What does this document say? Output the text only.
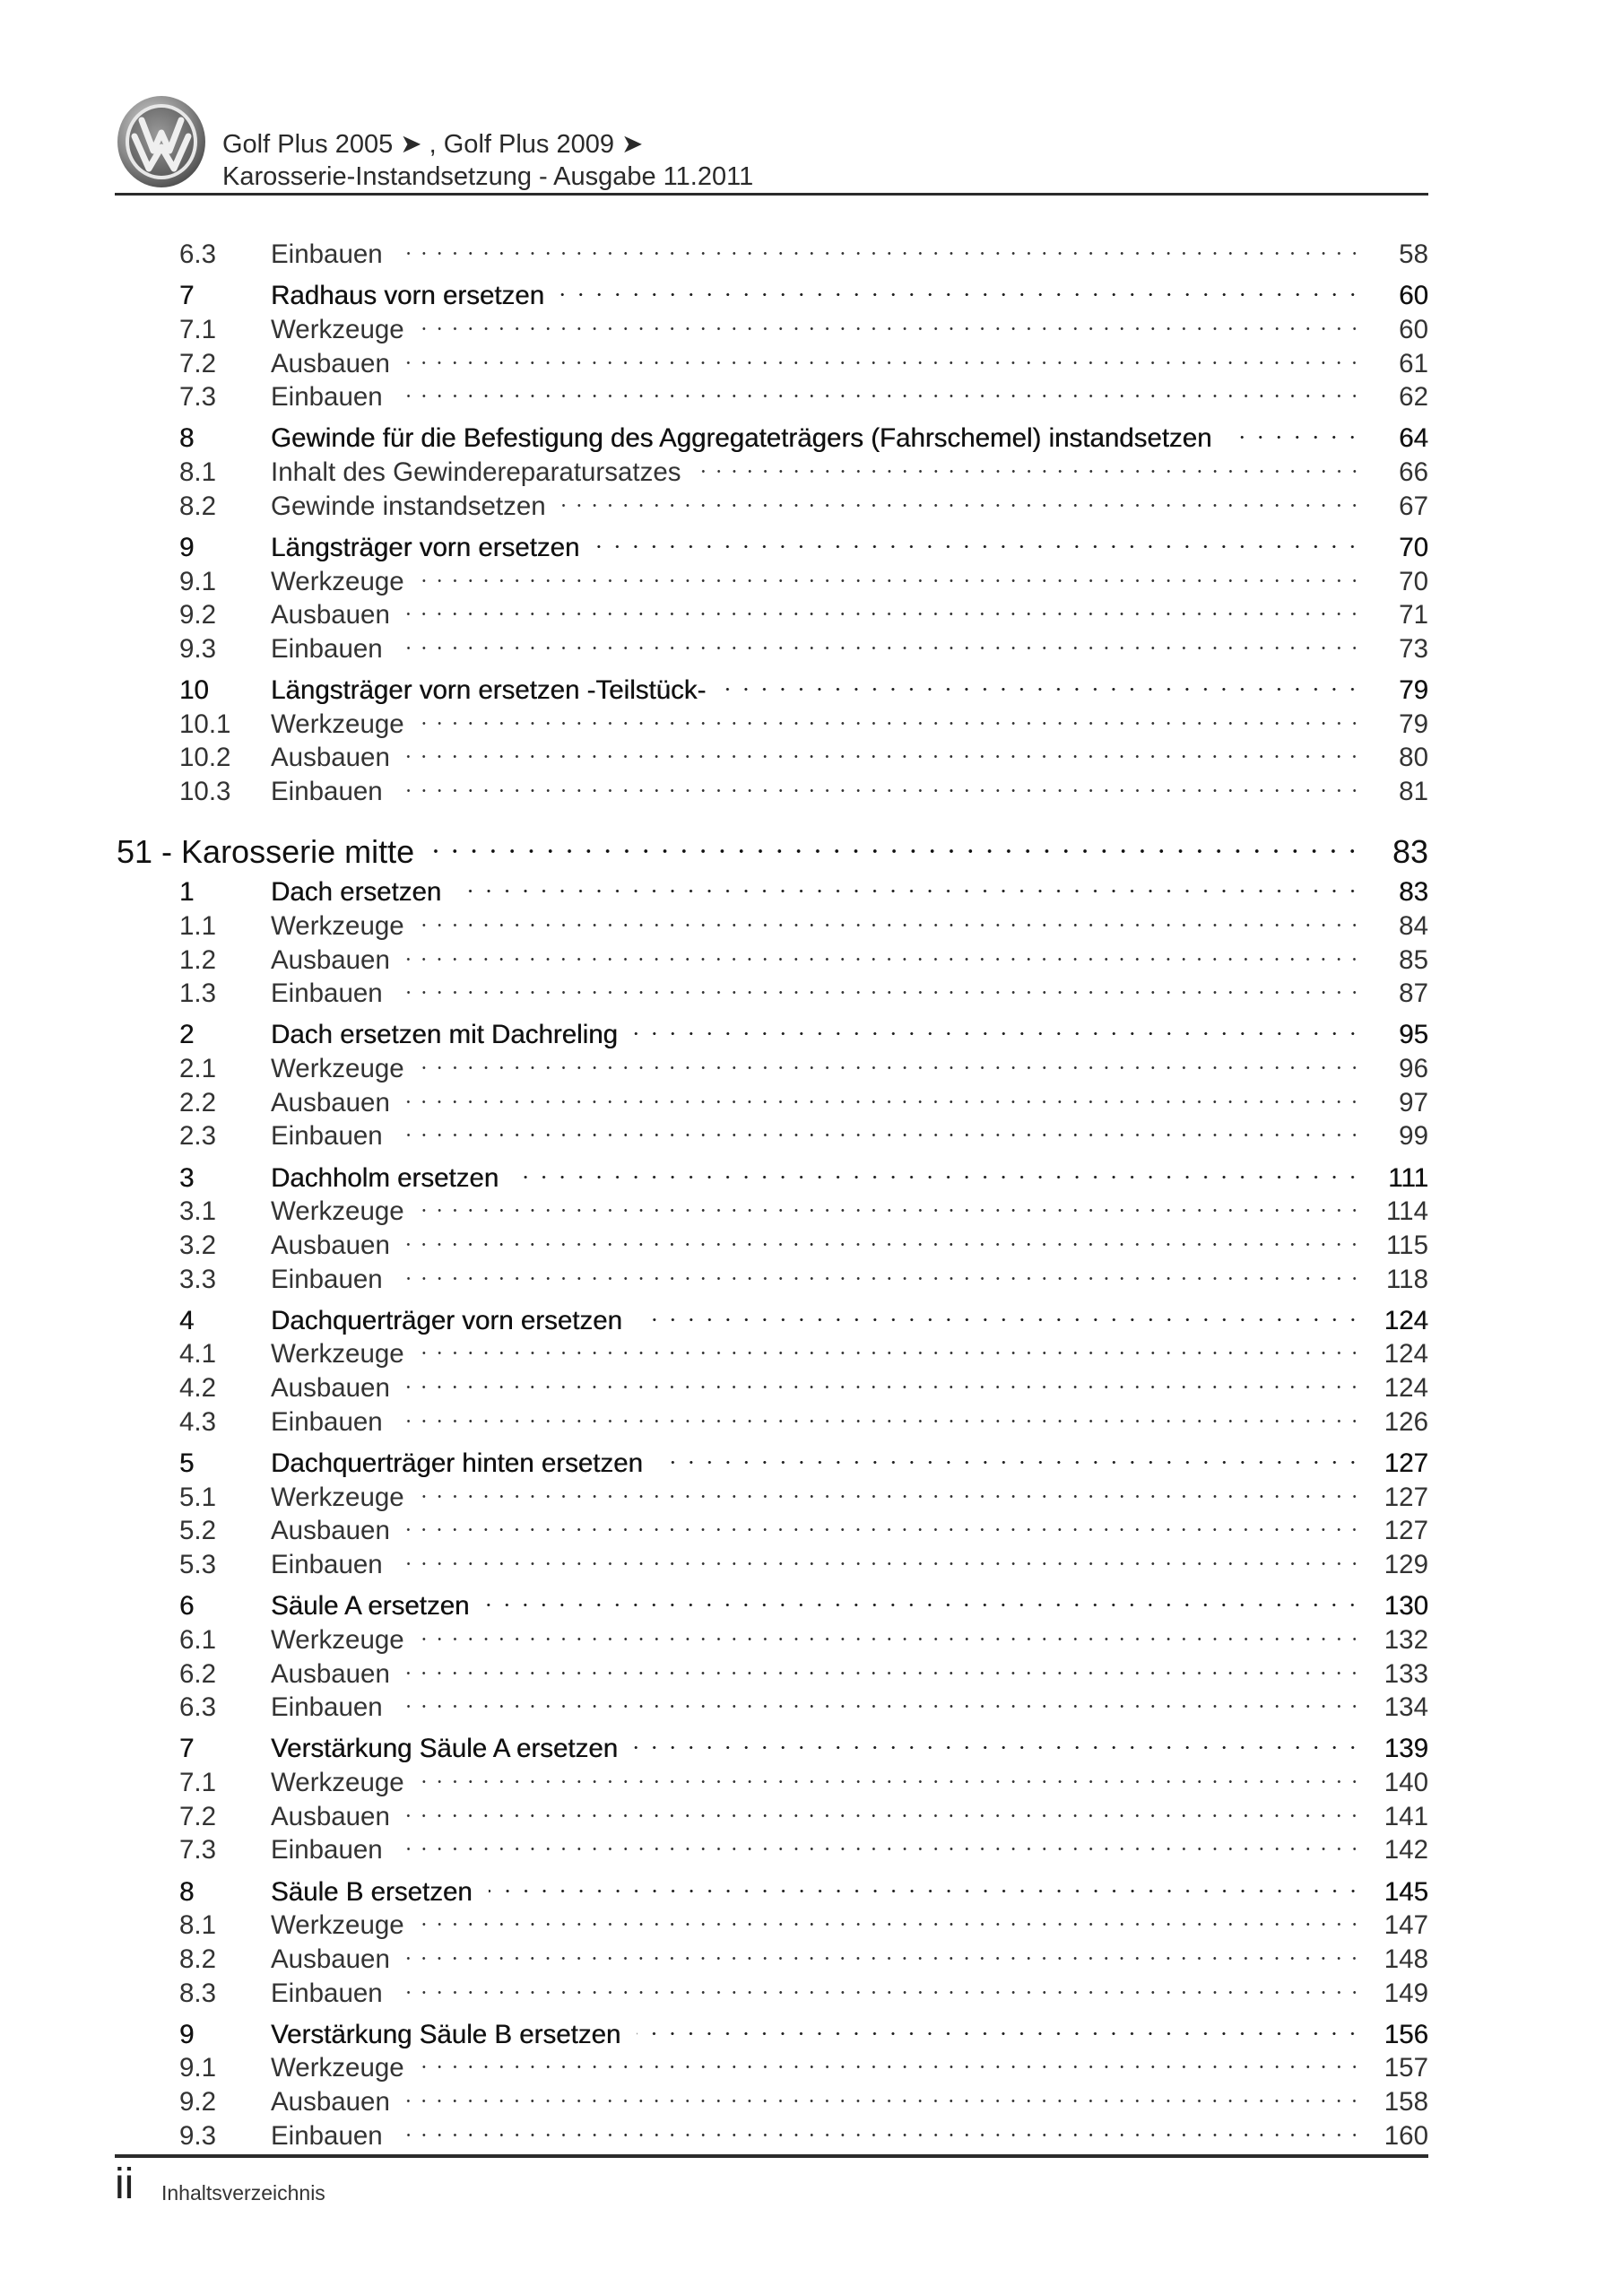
Golf Plus 2005 ➤ , Golf Plus 2009 ➤
Karosserie-Instandsetzung - Ausgabe 11.2011
6.3	Einbauen	58
7	Radhaus vorn ersetzen	60
7.1	Werkzeuge	60
7.2	Ausbauen	61
7.3	Einbauen	62
8	Gewinde für die Befestigung des Aggregateträgers (Fahrschemel) instandsetzen	64
8.1	Inhalt des Gewindereparatursatzes	66
8.2	Gewinde instandsetzen	67
9	Längsträger vorn ersetzen	70
9.1	Werkzeuge	70
9.2	Ausbauen	71
9.3	Einbauen	73
10	Längsträger vorn ersetzen -Teilstück-	79
10.1	Werkzeuge	79
10.2	Ausbauen	80
10.3	Einbauen	81
51 - Karosserie mitte	83
1	Dach ersetzen	83
1.1	Werkzeuge	84
1.2	Ausbauen	85
1.3	Einbauen	87
2	Dach ersetzen mit Dachreling	95
2.1	Werkzeuge	96
2.2	Ausbauen	97
2.3	Einbauen	99
3	Dachholm ersetzen	111
3.1	Werkzeuge	114
3.2	Ausbauen	115
3.3	Einbauen	118
4	Dachquerträger vorn ersetzen	124
4.1	Werkzeuge	124
4.2	Ausbauen	124
4.3	Einbauen	126
5	Dachquerträger hinten ersetzen	127
5.1	Werkzeuge	127
5.2	Ausbauen	127
5.3	Einbauen	129
6	Säule A ersetzen	130
6.1	Werkzeuge	132
6.2	Ausbauen	133
6.3	Einbauen	134
7	Verstärkung Säule A ersetzen	139
7.1	Werkzeuge	140
7.2	Ausbauen	141
7.3	Einbauen	142
8	Säule B ersetzen	145
8.1	Werkzeuge	147
8.2	Ausbauen	148
8.3	Einbauen	149
9	Verstärkung Säule B ersetzen	156
9.1	Werkzeuge	157
9.2	Ausbauen	158
9.3	Einbauen	160
ii Inhaltsverzeichnis
